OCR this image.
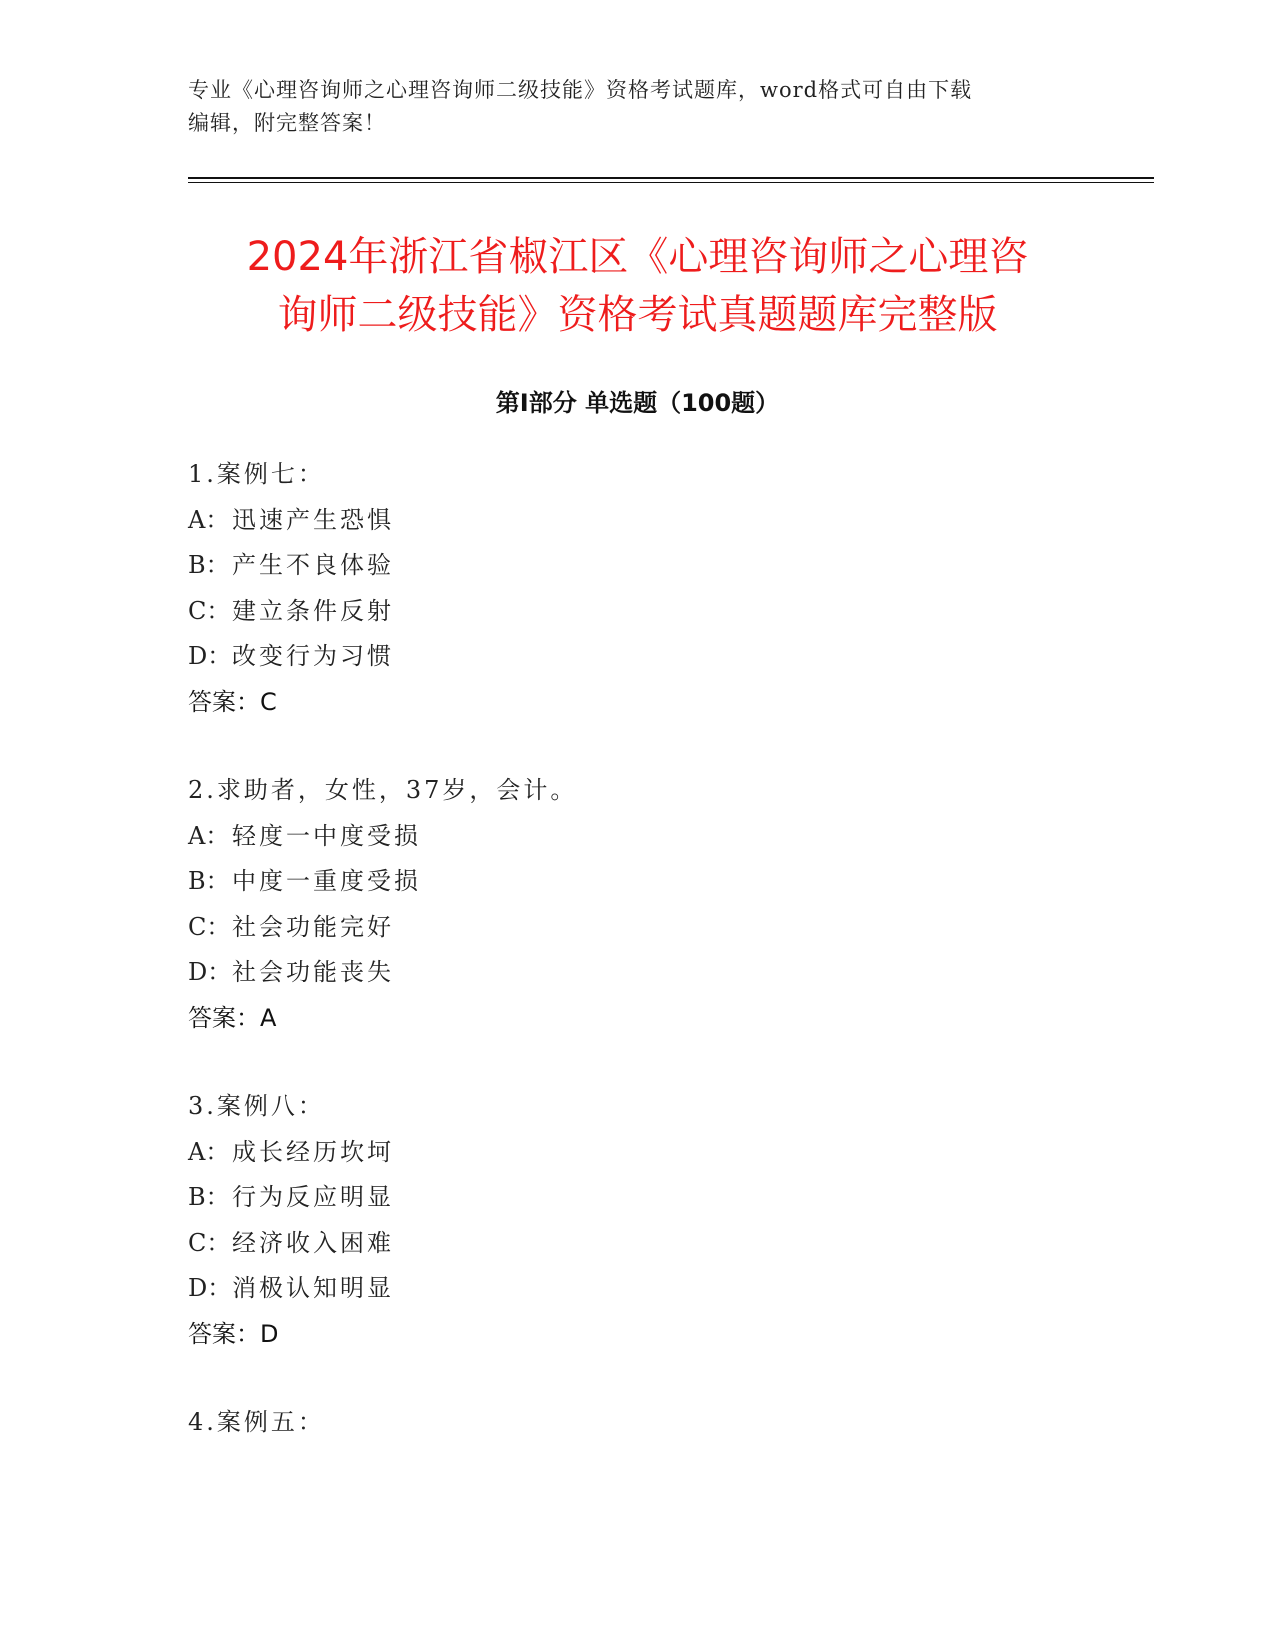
专业《心理咨询师之心理咨询师二级技能》资格考试题库，word格式可自由下载
编辑，附完整答案！
2024年浙江省椒江区《心理咨询师之心理咨
询师二级技能》资格考试真题题库完整版
第Ⅰ部分 单选题（100题）
1.案例七：
A： 迅速产生恐惧
B：产生不良体验
C：建立条件反射
D：改变行为习惯
答案：C
2.求助者，女性，37岁，会计。
A： 轻度一中度受损
B：中度一重度受损
C：社会功能完好
D：社会功能丧失
答案：A
3.案例八：
A： 成长经历坎坷
B：行为反应明显
C：经济收入困难
D：消极认知明显
答案：D
4.案例五：
